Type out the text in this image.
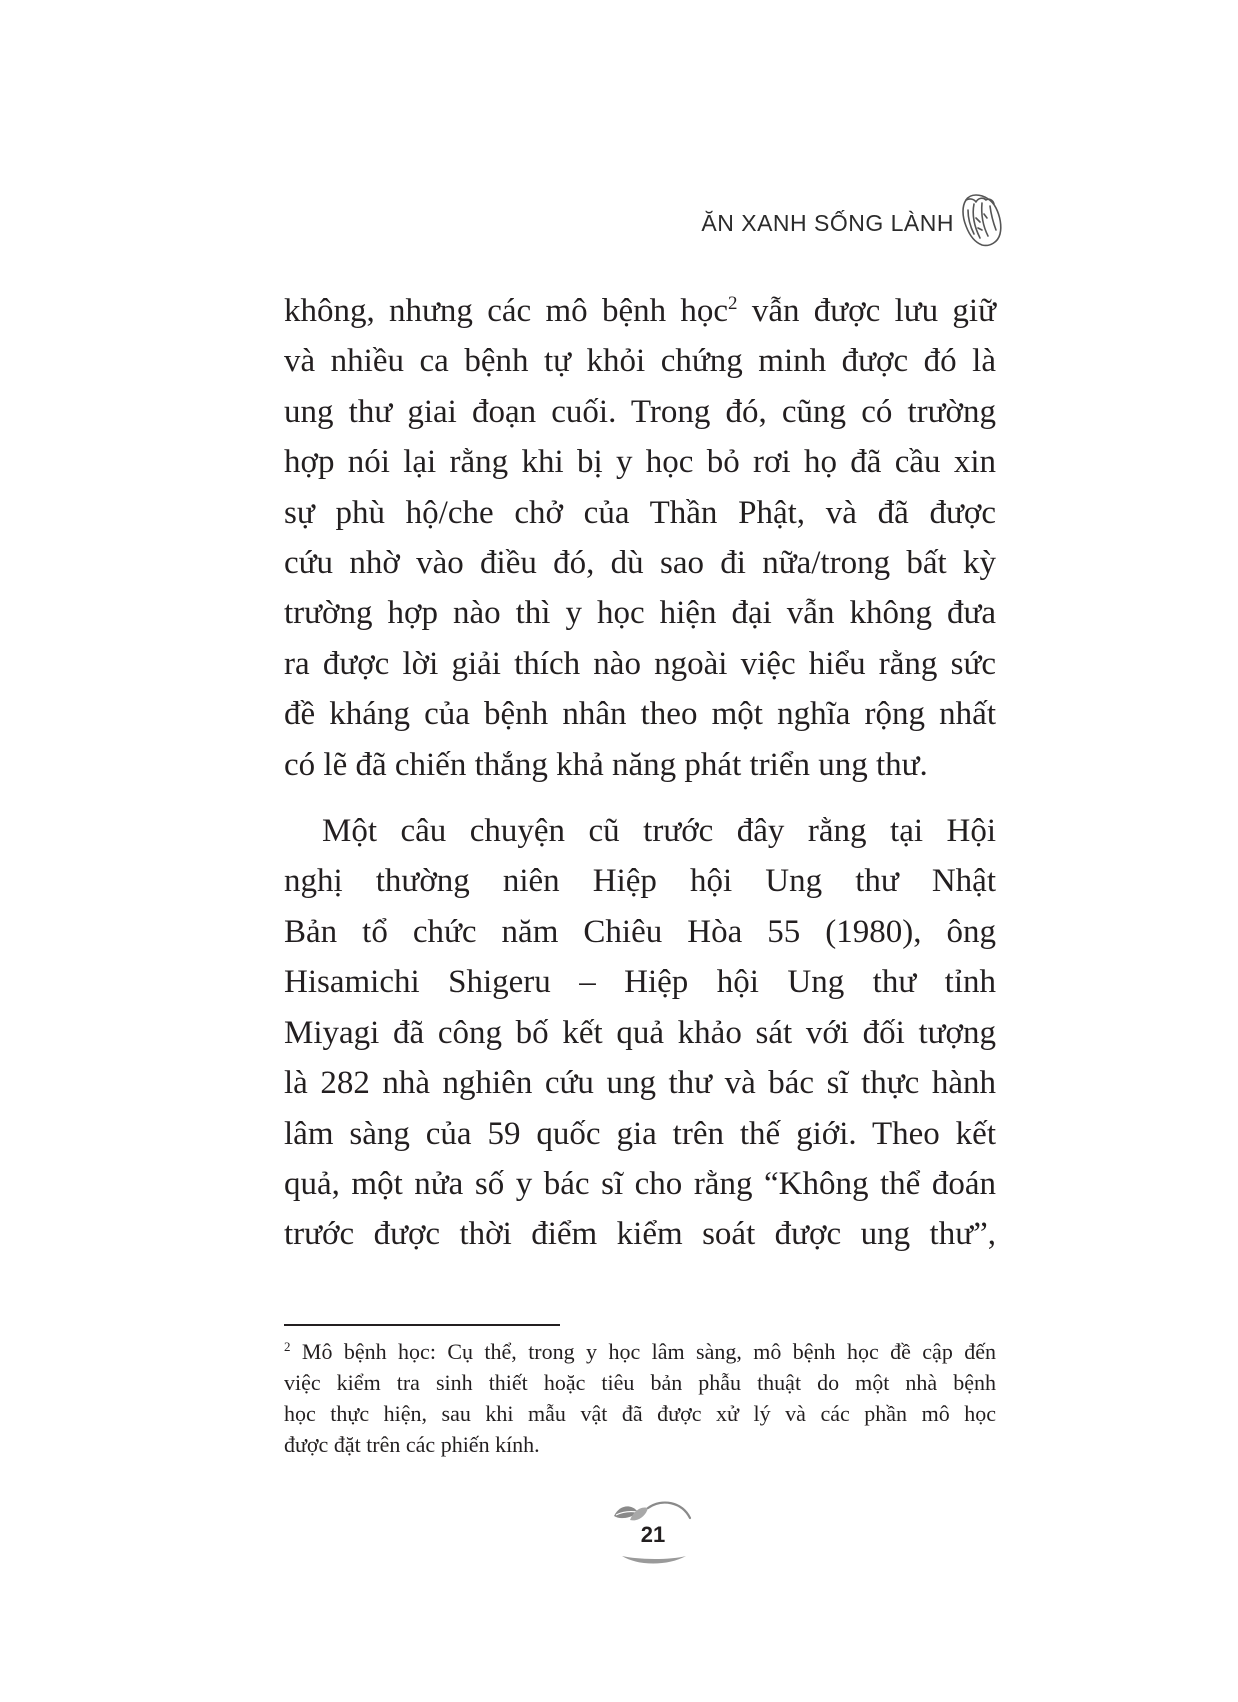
ĂN XANH SỐNG LÀNH
không, nhưng các mô bệnh học$^2$ vẫn được lưu giữ
và nhiều ca bệnh tự khỏi chứng minh được đó là
ung thư giai đoạn cuối. Trong đó, cũng có trường
hợp nói lại rằng khi bị y học bỏ rơi họ đã cầu xin
sự phù hộ/che chở của Thần Phật, và đã được
cứu nhờ vào điều đó, dù sao đi nữa/trong bất kỳ
trường hợp nào thì y học hiện đại vẫn không đưa
ra được lời giải thích nào ngoài việc hiểu rằng sức
đề kháng của bệnh nhân theo một nghĩa rộng nhất
có lẽ đã chiến thắng khả năng phát triển ung thư.
Một câu chuyện cũ trước đây rằng tại Hội
nghị thường niên Hiệp hội Ung thư Nhật
Bản tổ chức năm Chiêu Hòa 55 (1980), ông
Hisamichi Shigeru – Hiệp hội Ung thư tỉnh
Miyagi đã công bố kết quả khảo sát với đối tượng
là 282 nhà nghiên cứu ung thư và bác sĩ thực hành
lâm sàng của 59 quốc gia trên thế giới. Theo kết
quả, một nửa số y bác sĩ cho rằng “Không thể đoán
trước được thời điểm kiểm soát được ung thư”,
$^2$ Mô bệnh học: Cụ thể, trong y học lâm sàng, mô bệnh học đề cập đến
việc kiểm tra sinh thiết hoặc tiêu bản phẫu thuật do một nhà bệnh
học thực hiện, sau khi mẫu vật đã được xử lý và các phần mô học
được đặt trên các phiến kính.
21
